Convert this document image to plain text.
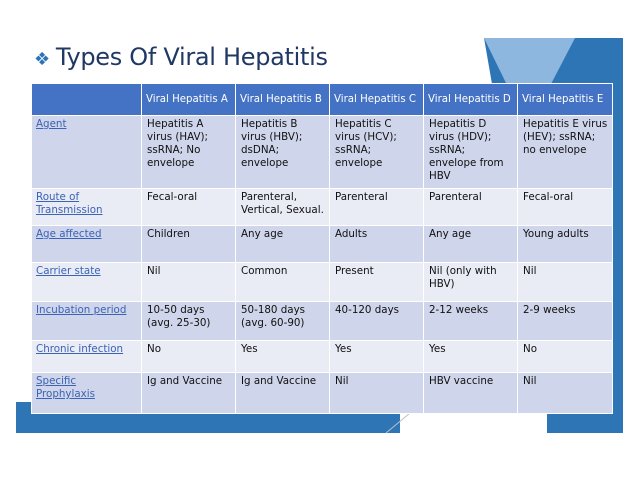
❖ Types Of Viral Hepatitis
	Viral Hepatitis A	Viral Hepatitis B	Viral Hepatitis C	Viral Hepatitis D	Viral Hepatitis E
Agent	Hepatitis A virus (HAV); ssRNA; No envelope	Hepatitis B virus (HBV); dsDNA; envelope	Hepatitis C virus (HCV); ssRNA; envelope	Hepatitis D virus (HDV); ssRNA; envelope from HBV	Hepatitis E virus (HEV); ssRNA; no envelope
Route of Transmission	Fecal-oral	Parenteral, Vertical, Sexual.	Parenteral	Parenteral	Fecal-oral
Age affected	Children	Any age	Adults	Any age	Young adults
Carrier state	Nil	Common	Present	Nil (only with HBV)	Nil
Incubation period	10-50 days (avg. 25-30)	50-180 days (avg. 60-90)	40-120 days	2-12 weeks	2-9 weeks
Chronic infection	No	Yes	Yes	Yes	No
Specific Prophylaxis	Ig and Vaccine	Ig and Vaccine	Nil	HBV vaccine	Nil
